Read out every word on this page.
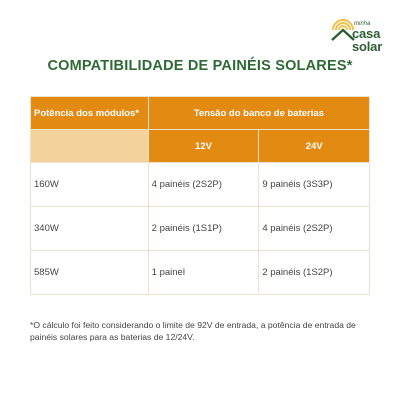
minha
casa
solar
COMPATIBILIDADE DE PAINÉIS SOLARES*
Potência dos módulos*	Tensão do banco de baterias	
	12V	24V
160W	4 painéis (2S2P)	9 painéis (3S3P)
340W	2 painéis (1S1P)	4 painéis (2S2P)
585W	1 painel	2 painéis (1S2P)
*O cálculo foi feito considerando o limite de 92V de entrada, a potência de entrada de painéis solares para as baterias de 12/24V.
